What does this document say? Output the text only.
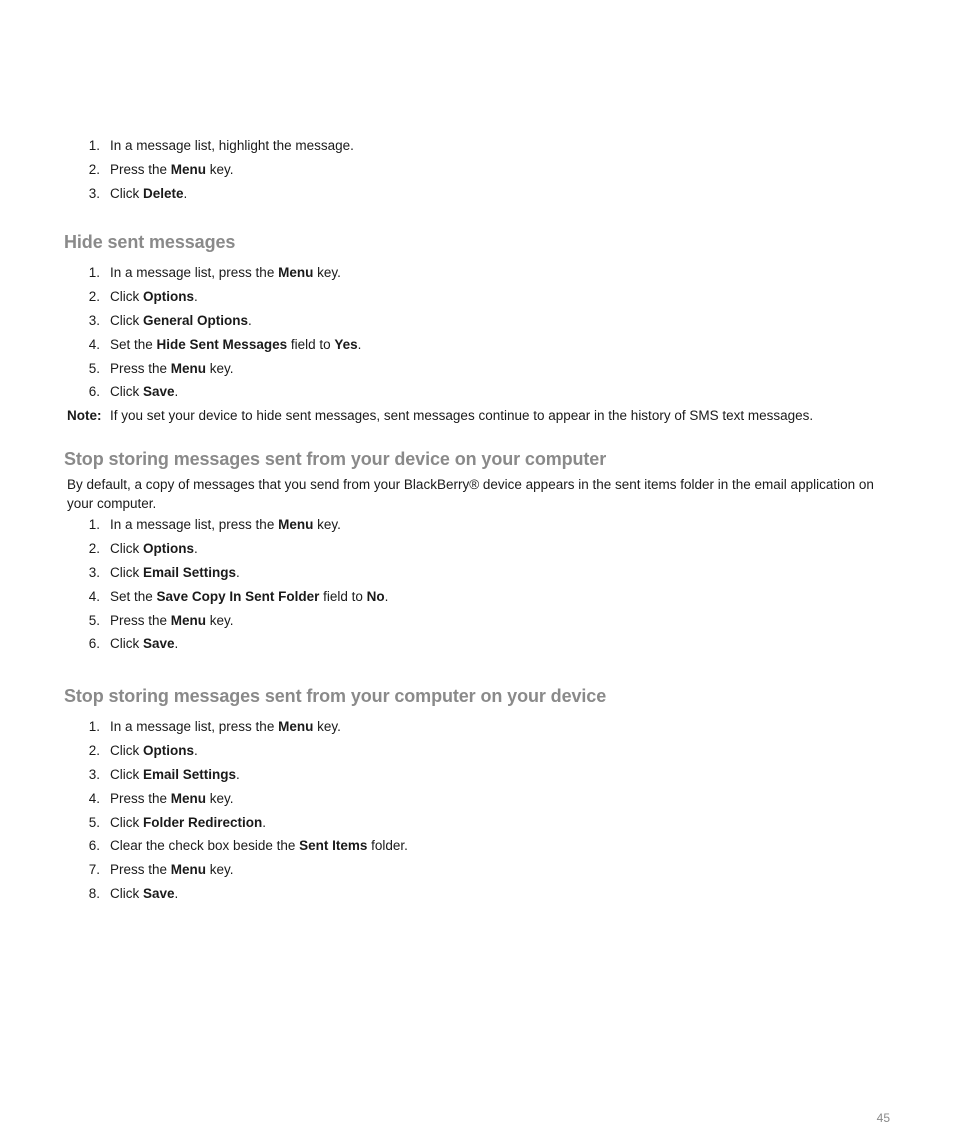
1. In a message list, highlight the message.
2. Press the Menu key.
3. Click Delete.
Hide sent messages
1. In a message list, press the Menu key.
2. Click Options.
3. Click General Options.
4. Set the Hide Sent Messages field to Yes.
5. Press the Menu key.
6. Click Save.
Note: If you set your device to hide sent messages, sent messages continue to appear in the history of SMS text messages.
Stop storing messages sent from your device on your computer

By default, a copy of messages that you send from your BlackBerry® device appears in the sent items folder in the email application on your computer.

1. In a message list, press the Menu key.
2. Click Options.
3. Click Email Settings.
4. Set the Save Copy In Sent Folder field to No.
5. Press the Menu key.
6. Click Save.
Stop storing messages sent from your computer on your device
1. In a message list, press the Menu key.
2. Click Options.
3. Click Email Settings.
4. Press the Menu key.
5. Click Folder Redirection.
6. Clear the check box beside the Sent Items folder.
7. Press the Menu key.
8. Click Save.
45
